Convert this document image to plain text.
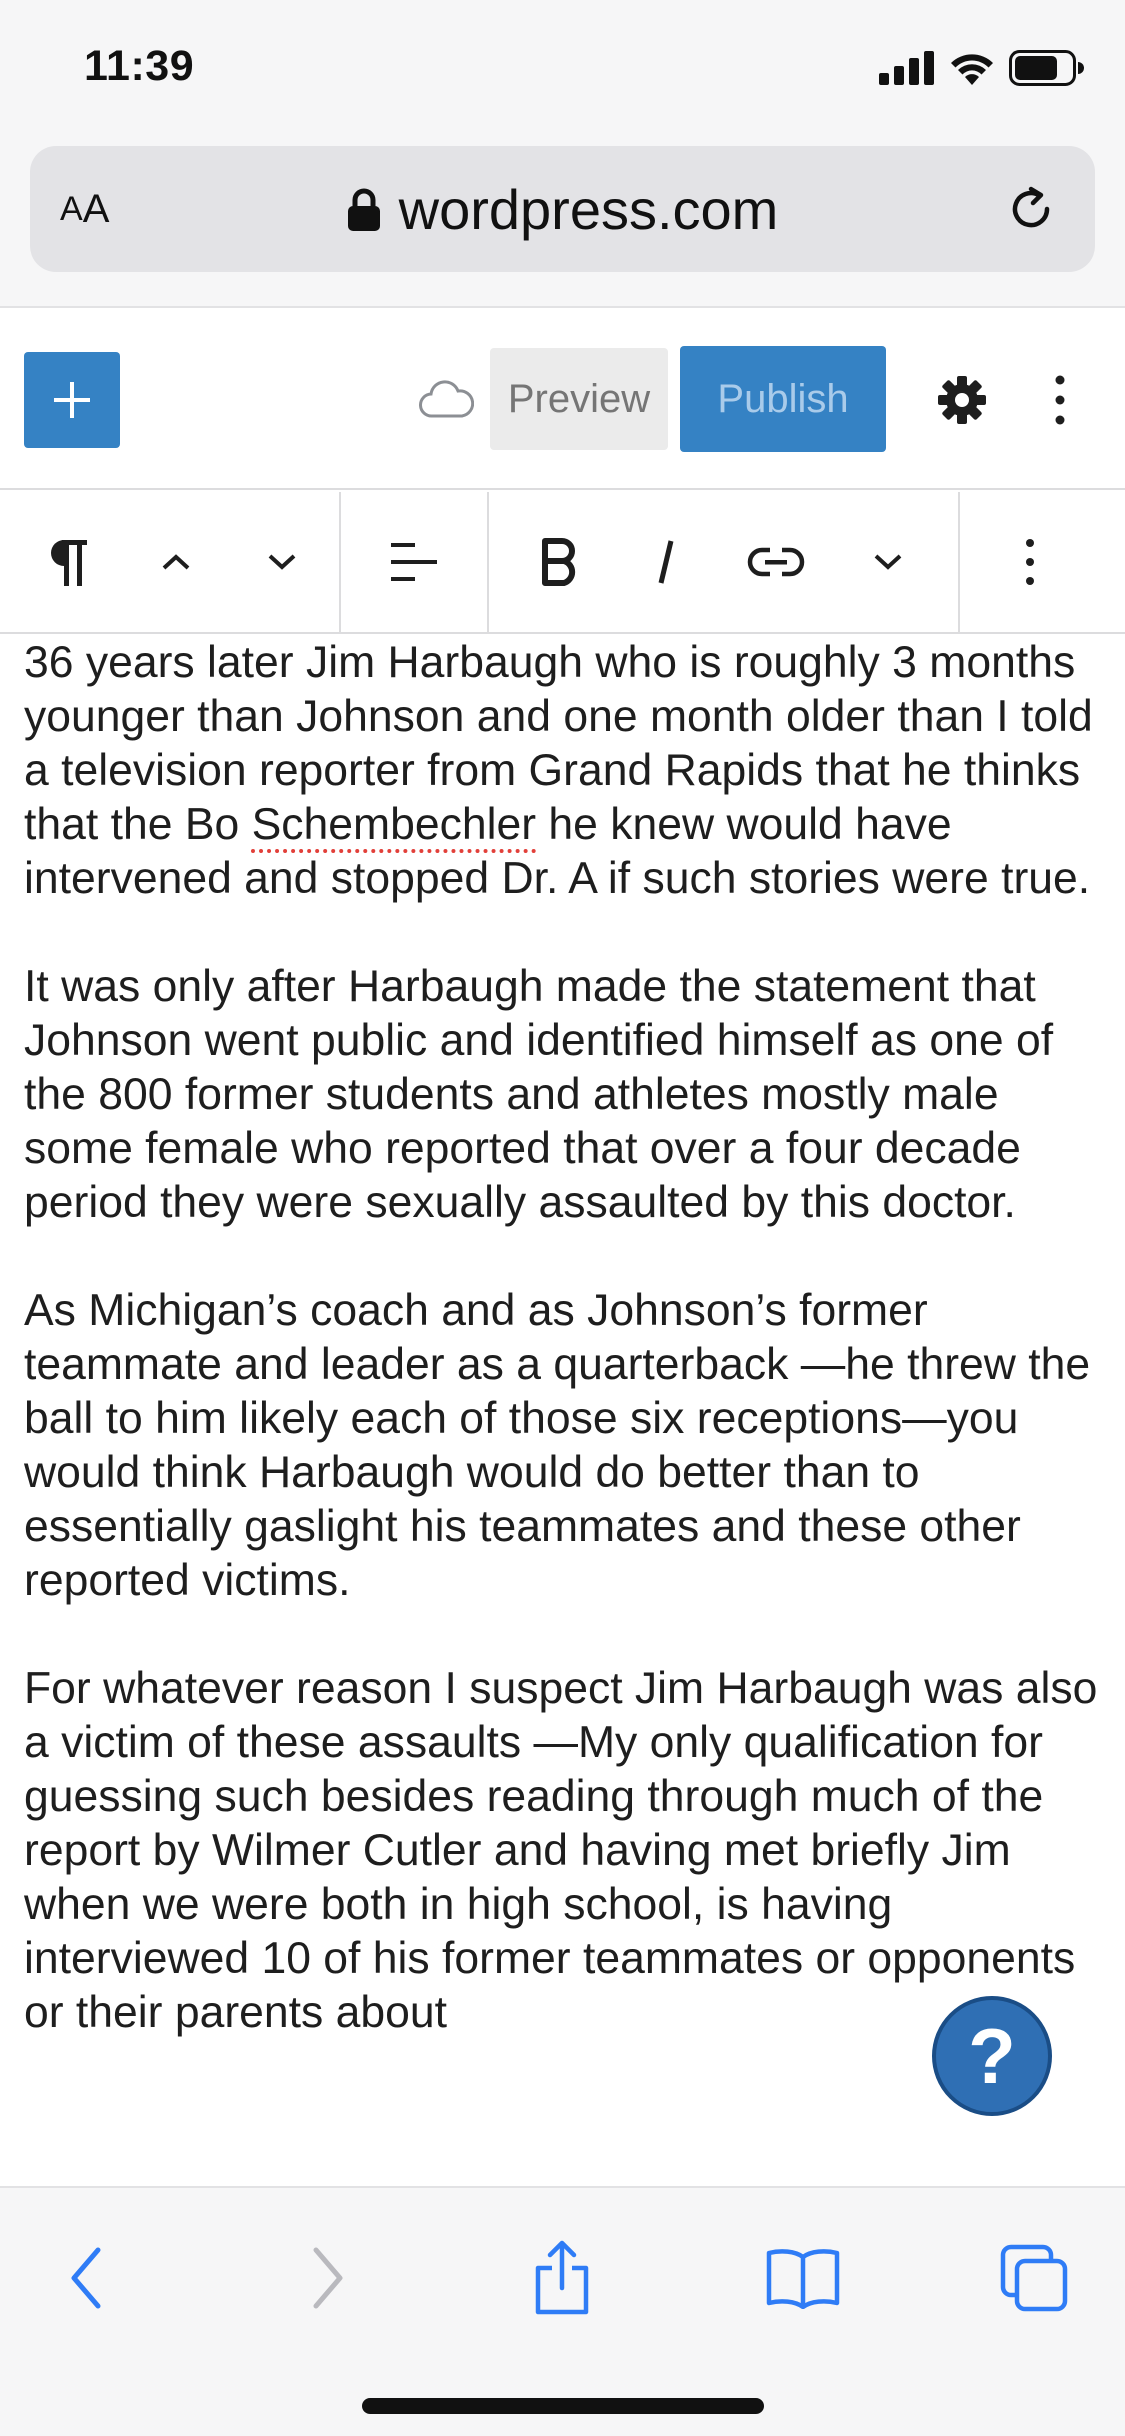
11:39
A A	wordpress.com
Preview	Publish

36 years later Jim Harbaugh who is roughly 3 months younger than Johnson and one month older than I told a television reporter from Grand Rapids that he thinks that the Bo Schembechler he knew would have intervened and stopped Dr. A if such stories were true.

It was only after Harbaugh made the statement that Johnson went public and identified himself as one of the 800 former students and athletes mostly male some female who reported that over a four decade period they were sexually assaulted by this doctor.

As Michigan’s coach and as Johnson’s former teammate and leader as a quarterback —he threw the ball to him likely each of those six receptions—you would think Harbaugh would do better than to essentially gaslight his teammates and these other reported victims.

For whatever reason I suspect Jim Harbaugh was also a victim of these assaults —My only qualification for guessing such besides reading through much of the report by Wilmer Cutler and having met briefly Jim when we were both in high school, is having interviewed 10 of his former teammates or opponents or their parents about	?
